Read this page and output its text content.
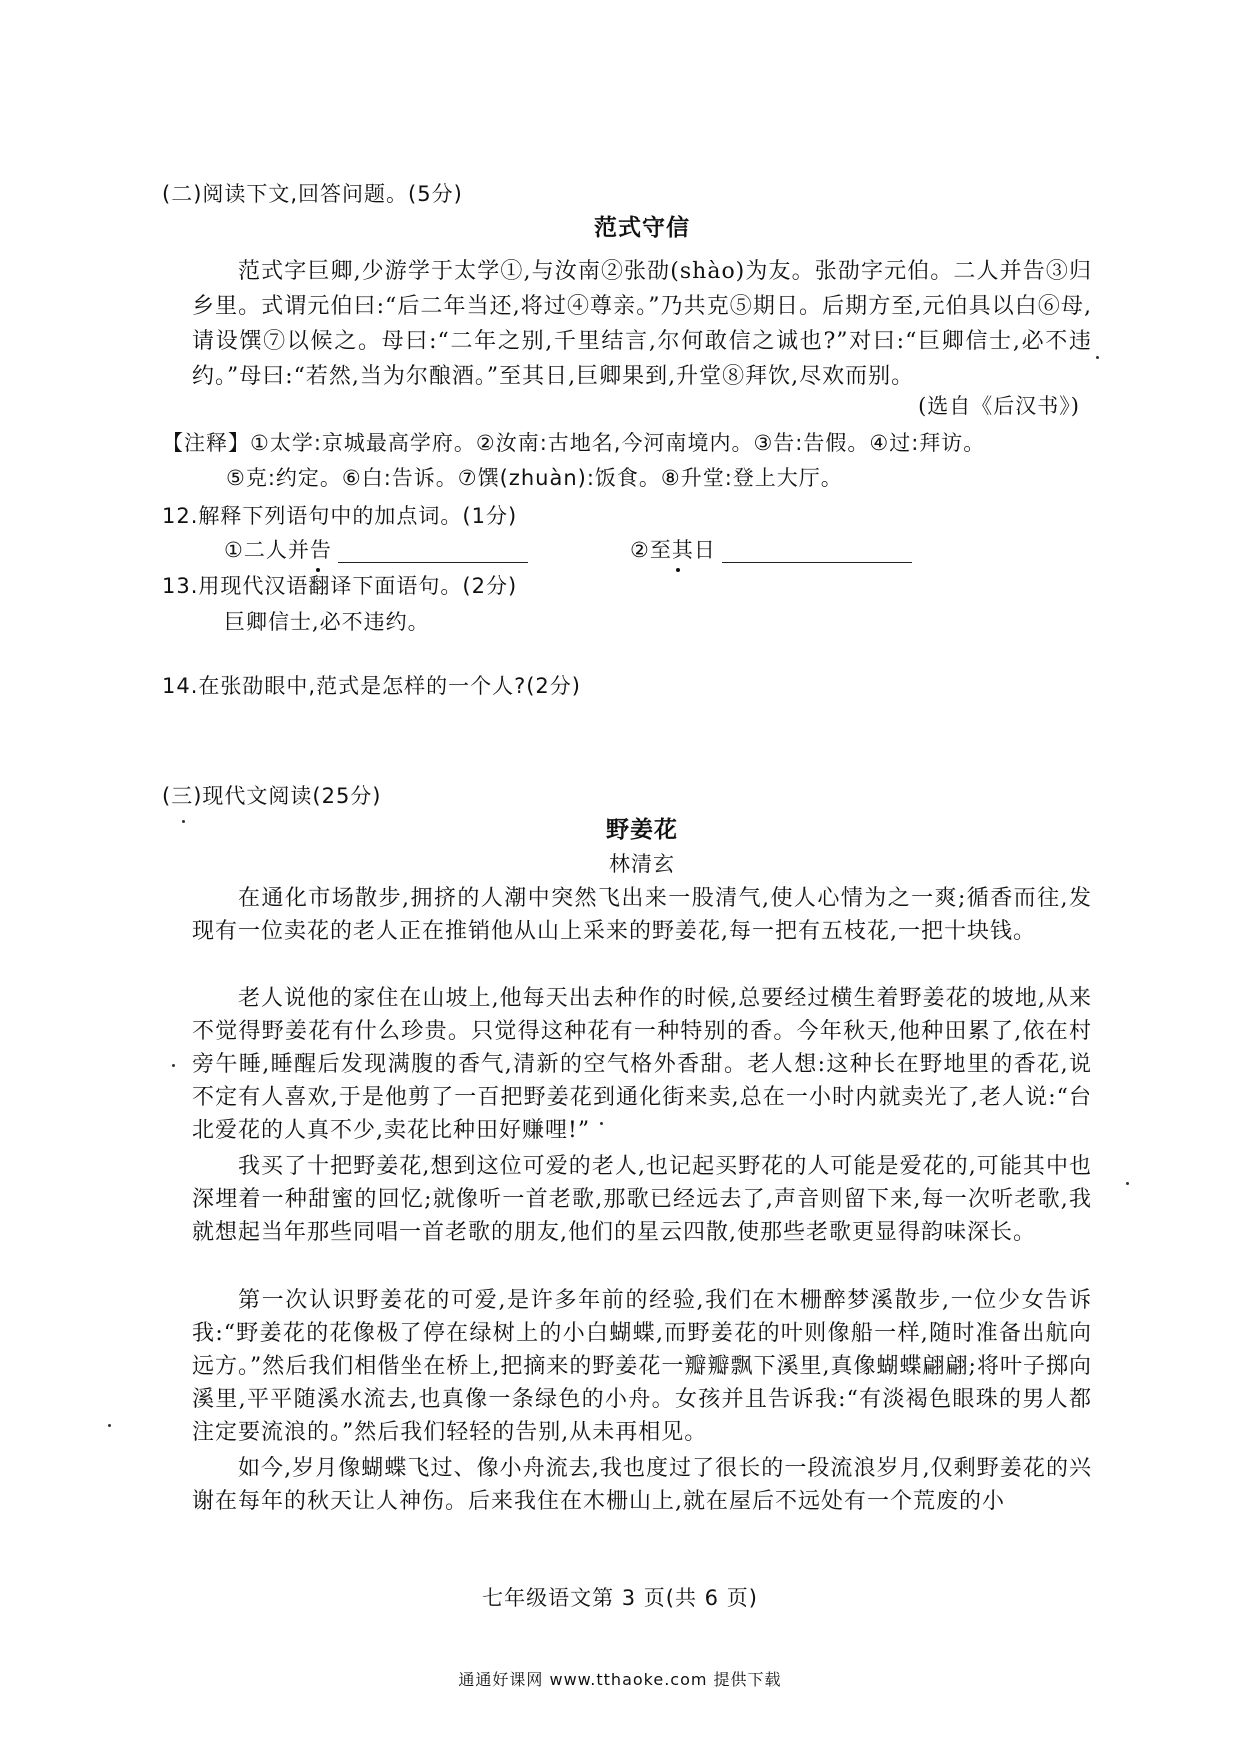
(二)阅读下文,回答问题。(5分)
范式守信
范式字巨卿,少游学于太学①,与汝南②张劭(shào)为友。张劭字元伯。二人并告③归乡里。式谓元伯曰:“后二年当还,将过④尊亲。”乃共克⑤期日。后期方至,元伯具以白⑥母,请设馔⑦以候之。母曰:“二年之别,千里结言,尔何敢信之诚也?”对曰:“巨卿信士,必不违约。”母曰:“若然,当为尔酿酒。”至其日,巨卿果到,升堂⑧拜饮,尽欢而别。
(选自《后汉书》)
【注释】①太学:京城最高学府。②汝南:古地名,今河南境内。③告:告假。④过:拜访。
⑤克:约定。⑥白:告诉。⑦馔(zhuàn):饭食。⑧升堂:登上大厅。
12.解释下列语句中的加点词。(1分)
①二人并告	②至其日
13.用现代汉语翻译下面语句。(2分)
巨卿信士,必不违约。
14.在张劭眼中,范式是怎样的一个人?(2分)
(三)现代文阅读(25分)
野姜花
林清玄
在通化市场散步,拥挤的人潮中突然飞出来一股清气,使人心情为之一爽;循香而往,发现有一位卖花的老人正在推销他从山上采来的野姜花,每一把有五枝花,一把十块钱。
老人说他的家住在山坡上,他每天出去种作的时候,总要经过横生着野姜花的坡地,从来不觉得野姜花有什么珍贵。只觉得这种花有一种特别的香。今年秋天,他种田累了,依在村旁午睡,睡醒后发现满腹的香气,清新的空气格外香甜。老人想:这种长在野地里的香花,说不定有人喜欢,于是他剪了一百把野姜花到通化街来卖,总在一小时内就卖光了,老人说:“台北爱花的人真不少,卖花比种田好赚哩!”
我买了十把野姜花,想到这位可爱的老人,也记起买野花的人可能是爱花的,可能其中也深埋着一种甜蜜的回忆;就像听一首老歌,那歌已经远去了,声音则留下来,每一次听老歌,我就想起当年那些同唱一首老歌的朋友,他们的星云四散,使那些老歌更显得韵味深长。
第一次认识野姜花的可爱,是许多年前的经验,我们在木栅醉梦溪散步,一位少女告诉我:“野姜花的花像极了停在绿树上的小白蝴蝶,而野姜花的叶则像船一样,随时准备出航向远方。”然后我们相偕坐在桥上,把摘来的野姜花一瓣瓣飘下溪里,真像蝴蝶翩翩;将叶子掷向溪里,平平随溪水流去,也真像一条绿色的小舟。女孩并且告诉我:“有淡褐色眼珠的男人都注定要流浪的。”然后我们轻轻的告别,从未再相见。
如今,岁月像蝴蝶飞过、像小舟流去,我也度过了很长的一段流浪岁月,仅剩野姜花的兴谢在每年的秋天让人神伤。后来我住在木栅山上,就在屋后不远处有一个荒废的小
七年级语文第 3 页(共 6 页)
通通好课网 www.tthaoke.com 提供下载
